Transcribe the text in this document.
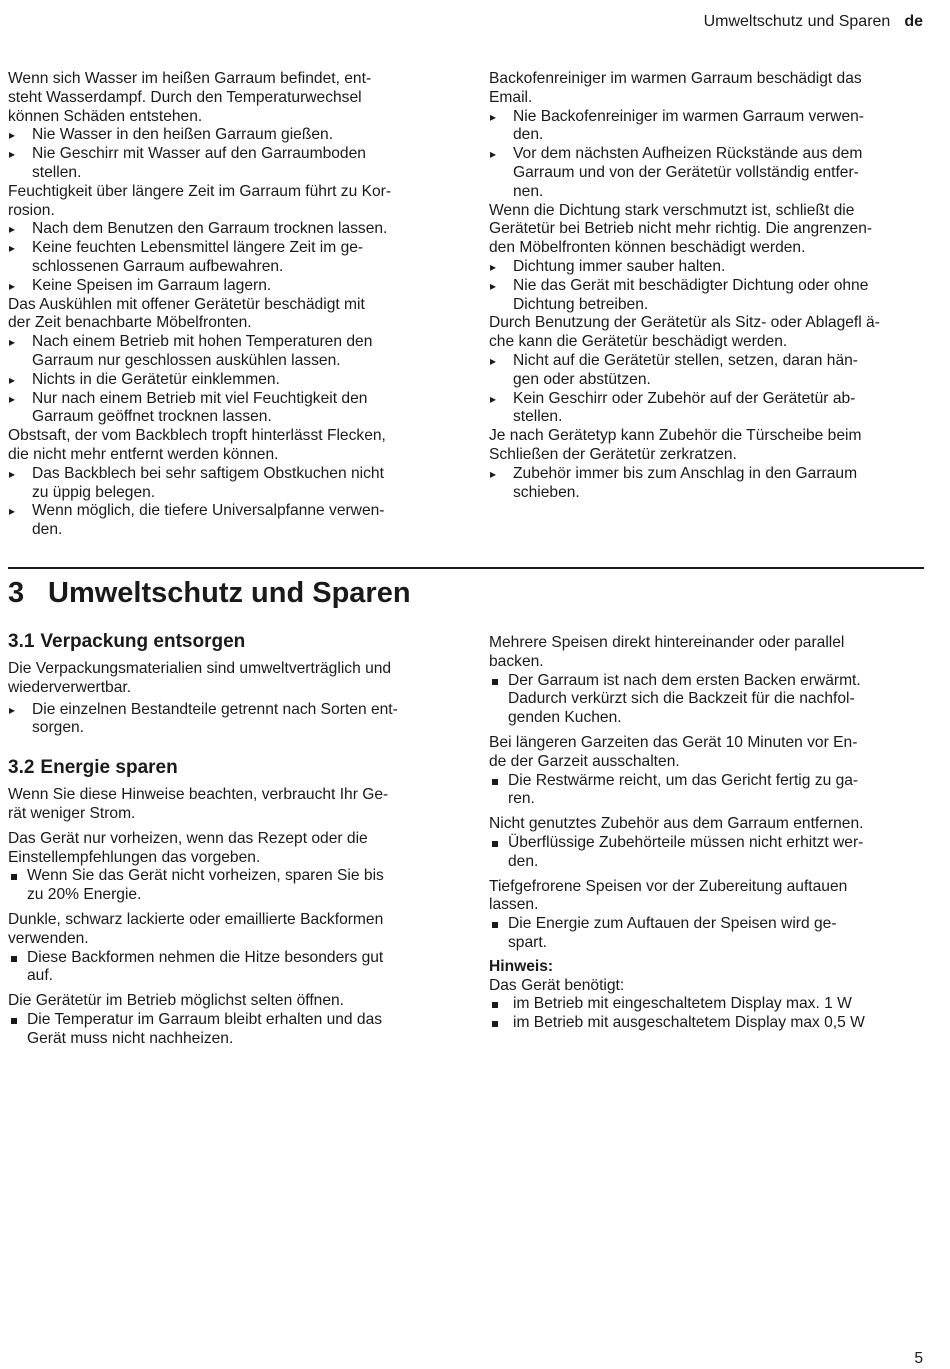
Umweltschutz und Sparen de

Wenn sich Wasser im heißen Garraum befindet, ent-
steht Wasserdampf. Durch den Temperaturwechsel
können Schäden entstehen.

▸ Nie Wasser in den heißen Garraum gießen.
▸ Nie Geschirr mit Wasser auf den Garraumboden
stellen.

Feuchtigkeit über längere Zeit im Garraum führt zu Kor-
rosion.

▸ Nach dem Benutzen den Garraum trocknen lassen.
▸ Keine feuchten Lebensmittel längere Zeit im ge-
schlossenen Garraum aufbewahren.
▸ Keine Speisen im Garraum lagern.

Das Auskühlen mit offener Gerätetür beschädigt mit
der Zeit benachbarte Möbelfronten.

▸ Nach einem Betrieb mit hohen Temperaturen den
Garraum nur geschlossen auskühlen lassen.
▸ Nichts in die Gerätetür einklemmen.
▸ Nur nach einem Betrieb mit viel Feuchtigkeit den
Garraum geöffnet trocknen lassen.

Obstsaft, der vom Backblech tropft hinterlässt Flecken,
die nicht mehr entfernt werden können.

▸ Das Backblech bei sehr saftigem Obstkuchen nicht
zu üppig belegen.
▸ Wenn möglich, die tiefere Universalpfanne verwen-
den.

Backofenreiniger im warmen Garraum beschädigt das
Email.

▸ Nie Backofenreiniger im warmen Garraum verwen-
den.
▸ Vor dem nächsten Aufheizen Rückstände aus dem
Garraum und von der Gerätetür vollständig entfer-
nen.

Wenn die Dichtung stark verschmutzt ist, schließt die
Gerätetür bei Betrieb nicht mehr richtig. Die angrenzen-
den Möbelfronten können beschädigt werden.

▸ Dichtung immer sauber halten.
▸ Nie das Gerät mit beschädigter Dichtung oder ohne
Dichtung betreiben.

Durch Benutzung der Gerätetür als Sitz- oder Ablagefl ä-
che kann die Gerätetür beschädigt werden.

▸ Nicht auf die Gerätetür stellen, setzen, daran hän-
gen oder abstützen.
▸ Kein Geschirr oder Zubehör auf der Gerätetür ab-
stellen.

Je nach Gerätetyp kann Zubehör die Türscheibe beim
Schließen der Gerätetür zerkratzen.

▸ Zubehör immer bis zum Anschlag in den Garraum
schieben.
3 Umweltschutz und Sparen
3.1 Verpackung entsorgen

Die Verpackungsmaterialien sind umweltverträglich und
wiederverwertbar.

▸ Die einzelnen Bestandteile getrennt nach Sorten ent-
sorgen.
3.2 Energie sparen

Wenn Sie diese Hinweise beachten, verbraucht Ihr Ge-
rät weniger Strom.

Das Gerät nur vorheizen, wenn das Rezept oder die
Einstellempfehlungen das vorgeben.

Wenn Sie das Gerät nicht vorheizen, sparen Sie bis
zu 20% Energie.

Dunkle, schwarz lackierte oder emaillierte Backformen
verwenden.

Diese Backformen nehmen die Hitze besonders gut
auf.

Die Gerätetür im Betrieb möglichst selten öffnen.

Die Temperatur im Garraum bleibt erhalten und das
Gerät muss nicht nachheizen.

Mehrere Speisen direkt hintereinander oder parallel
backen.

Der Garraum ist nach dem ersten Backen erwärmt.
Dadurch verkürzt sich die Backzeit für die nachfol-
genden Kuchen.

Bei längeren Garzeiten das Gerät 10 Minuten vor En-
de der Garzeit ausschalten.

Die Restwärme reicht, um das Gericht fertig zu ga-
ren.

Nicht genutztes Zubehör aus dem Garraum entfernen.

Überflüssige Zubehörteile müssen nicht erhitzt wer-
den.

Tiefgefrorene Speisen vor der Zubereitung auftauen
lassen.

Die Energie zum Auftauen der Speisen wird ge-
spart.

Hinweis:

Das Gerät benötigt:

im Betrieb mit eingeschaltetem Display max. 1 W
im Betrieb mit ausgeschaltetem Display max 0,5 W
5
